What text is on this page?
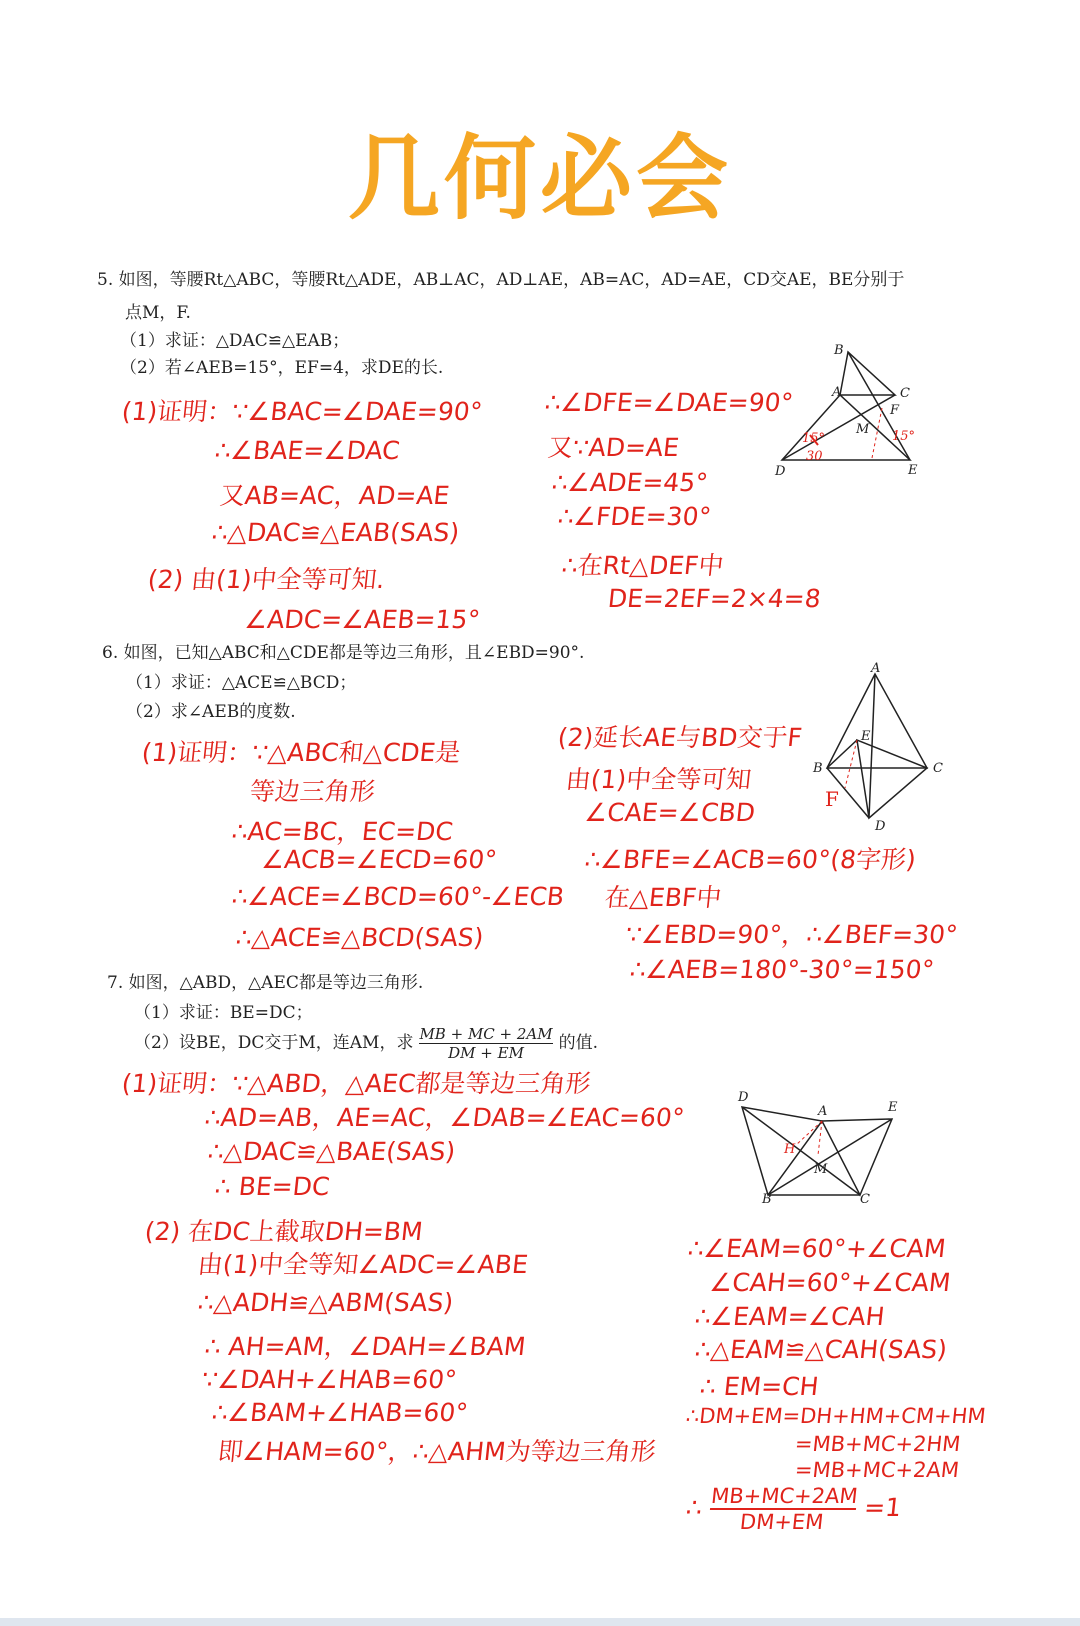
几何必会
5. 如图，等腰Rt△ABC，等腰Rt△ADE，AB⊥AC，AD⊥AE，AB=AC，AD=AE，CD交AE，BE分别于
点M，F.
（1）求证：△DAC≌△EAB；
（2）若∠AEB=15°，EF=4，求DE的长.
(1)证明：∵∠BAC=∠DAE=90°
∴∠BAE=∠DAC
又AB=AC，AD=AE
∴△DAC≌△EAB(SAS)
(2) 由(1)中全等可知.
∠ADC=∠AEB=15°
∴∠DFE=∠DAE=90°
又∵AD=AE
∴∠ADE=45°
∴∠FDE=30°
∴在Rt△DEF中
DE=2EF=2×4=8
B
A	C
F
M
D	E
15°
30
15°
6. 如图，已知△ABC和△CDE都是等边三角形，且∠EBD=90°.
（1）求证：△ACE≌△BCD；
（2）求∠AEB的度数.
(1)证明：∵△ABC和△CDE是
等边三角形
∴AC=BC，EC=DC
∠ACB=∠ECD=60°
∴∠ACE=∠BCD=60°-∠ECB
∴△ACE≌△BCD(SAS)
(2)延长AE与BD交于F
由(1)中全等可知
∠CAE=∠CBD
∴∠BFE=∠ACB=60°(8字形)
在△EBF中
∵∠EBD=90°，∴∠BEF=30°
∴∠AEB=180°-30°=150°
A
E
B	C
D
F
7. 如图，△ABD，△AEC都是等边三角形.
（1）求证：BE=DC；
（2）设BE，DC交于M，连AM，求 $\frac{MB + MC + 2AM}{DM + EM}$ 的值.
(1)证明：∵△ABD，△AEC都是等边三角形
∴AD=AB，AE=AC，∠DAB=∠EAC=60°
∴△DAC≌△BAE(SAS)
∴ BE=DC
(2) 在DC上截取DH=BM
由(1)中全等知∠ADC=∠ABE
∴△ADH≌△ABM(SAS)
∴ AH=AM，∠DAH=∠BAM
∵∠DAH+∠HAB=60°
∴∠BAM+∠HAB=60°
即∠HAM=60°，∴△AHM为等边三角形
D
A	E
H
M
B	C
∴∠EAM=60°+∠CAM
∠CAH=60°+∠CAM
∴∠EAM=∠CAH
∴△EAM≌△CAH(SAS)
∴ EM=CH
∴DM+EM=DH+HM+CM+HM
=MB+MC+2HM
=MB+MC+2AM
∴ $\frac{MB+MC+2AM}{DM+EM} =1$
